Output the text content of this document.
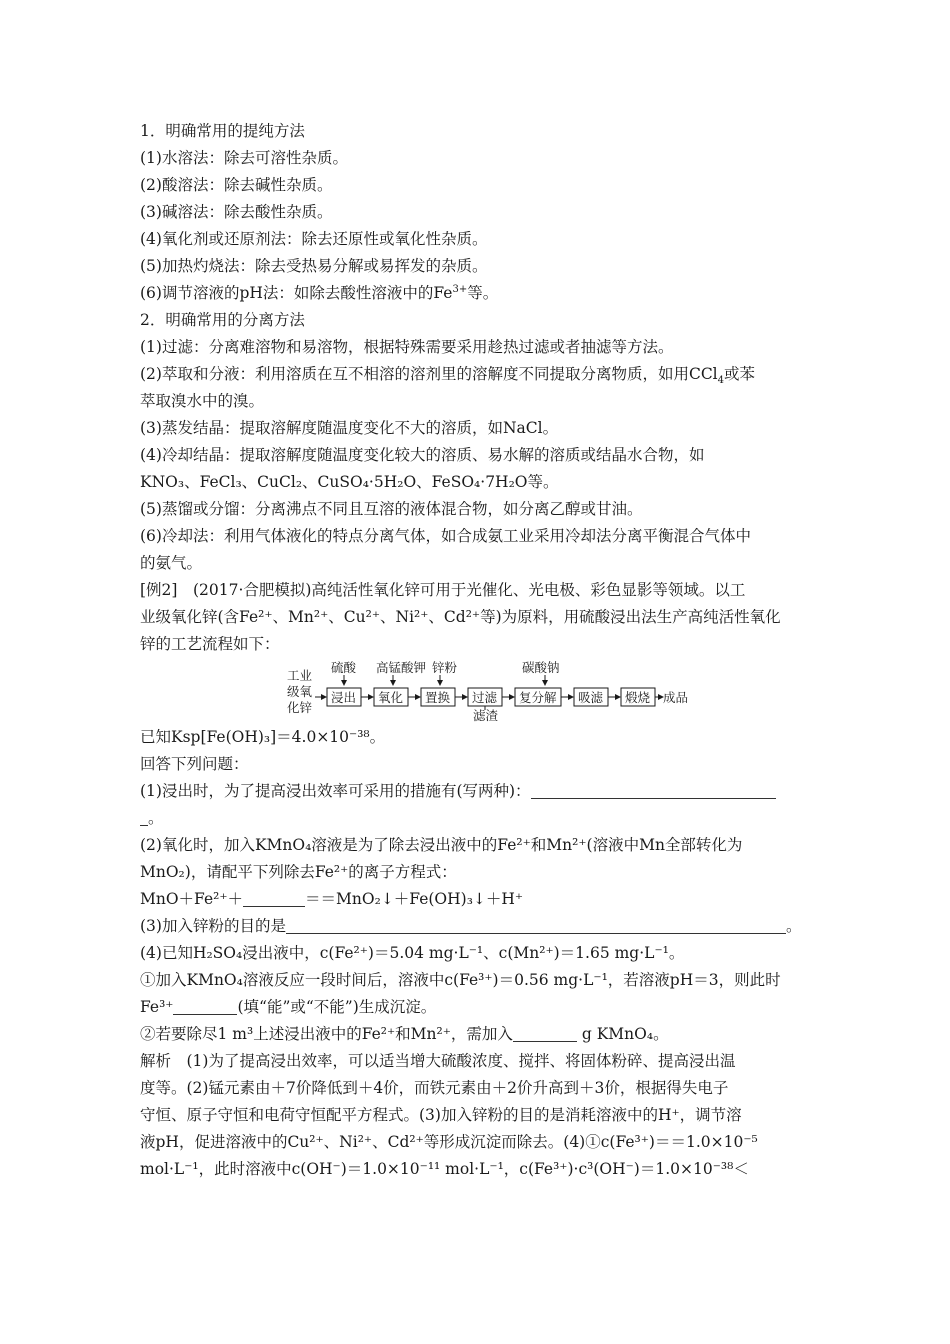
1．明确常用的提纯方法
(1)水溶法：除去可溶性杂质。
(2)酸溶法：除去碱性杂质。
(3)碱溶法：除去酸性杂质。
(4)氧化剂或还原剂法：除去还原性或氧化性杂质。
(5)加热灼烧法：除去受热易分解或易挥发的杂质。
(6)调节溶液的pH法：如除去酸性溶液中的$Fe^{3+}$等。
2．明确常用的分离方法
(1)过滤：分离难溶物和易溶物，根据特殊需要采用趁热过滤或者抽滤等方法。
(2)萃取和分液：利用溶质在互不相溶的溶剂里的溶解度不同提取分离物质，如用CCl$_4$或苯
萃取溴水中的溴。
(3)蒸发结晶：提取溶解度随温度变化不大的溶质，如NaCl。
(4)冷却结晶：提取溶解度随温度变化较大的溶质、易水解的溶质或结晶水合物，如
KNO₃、FeCl₃、CuCl₂、CuSO₄·5H₂O、FeSO₄·7H₂O等。
(5)蒸馏或分馏：分离沸点不同且互溶的液体混合物，如分离乙醇或甘油。
(6)冷却法：利用气体液化的特点分离气体，如合成氨工业采用冷却法分离平衡混合气体中
的氨气。
[例2]　(2017·合肥模拟)高纯活性氧化锌可用于光催化、光电极、彩色显影等领域。以工
业级氧化锌(含Fe²⁺、Mn²⁺、Cu²⁺、Ni²⁺、Cd²⁺等)为原料，用硫酸浸出法生产高纯活性氧化
锌的工艺流程如下：
工业
级氧
化锌
硫酸 高锰酸钾 锌粉	碳酸钠
浸出 氧化 置换 过滤 复分解 吸滤 煅烧 成品
滤渣
已知Ksp[Fe(OH)₃]＝4.0×10⁻³⁸。
回答下列问题：
(1)浸出时，为了提高浸出效率可采用的措施有(写两种)：
。
(2)氧化时，加入KMnO₄溶液是为了除去浸出液中的Fe²⁺和Mn²⁺(溶液中Mn全部转化为
MnO₂)，请配平下列除去Fe²⁺的离子方程式：
MnO＋Fe²⁺＋	＝＝MnO₂↓＋Fe(OH)₃↓＋H⁺
(3)加入锌粉的目的是	。
(4)已知H₂SO₄浸出液中，c(Fe²⁺)＝5.04 mg·L⁻¹、c(Mn²⁺)＝1.65 mg·L⁻¹。
①加入KMnO₄溶液反应一段时间后，溶液中c(Fe³⁺)＝0.56 mg·L⁻¹，若溶液pH＝3，则此时
Fe³⁺	(填“能”或“不能”)生成沉淀。
②若要除尽1 m³上述浸出液中的Fe²⁺和Mn²⁺，需加入	g KMnO₄。
解析　(1)为了提高浸出效率，可以适当增大硫酸浓度、搅拌、将固体粉碎、提高浸出温
度等。(2)锰元素由＋7价降低到＋4价，而铁元素由＋2价升高到＋3价，根据得失电子
守恒、原子守恒和电荷守恒配平方程式。(3)加入锌粉的目的是消耗溶液中的H⁺，调节溶
液pH，促进溶液中的Cu²⁺、Ni²⁺、Cd²⁺等形成沉淀而除去。(4)①c(Fe³⁺)＝＝1.0×10⁻⁵
mol·L⁻¹，此时溶液中c(OH⁻)＝1.0×10⁻¹¹ mol·L⁻¹，c(Fe³⁺)·c³(OH⁻)＝1.0×10⁻³⁸＜
